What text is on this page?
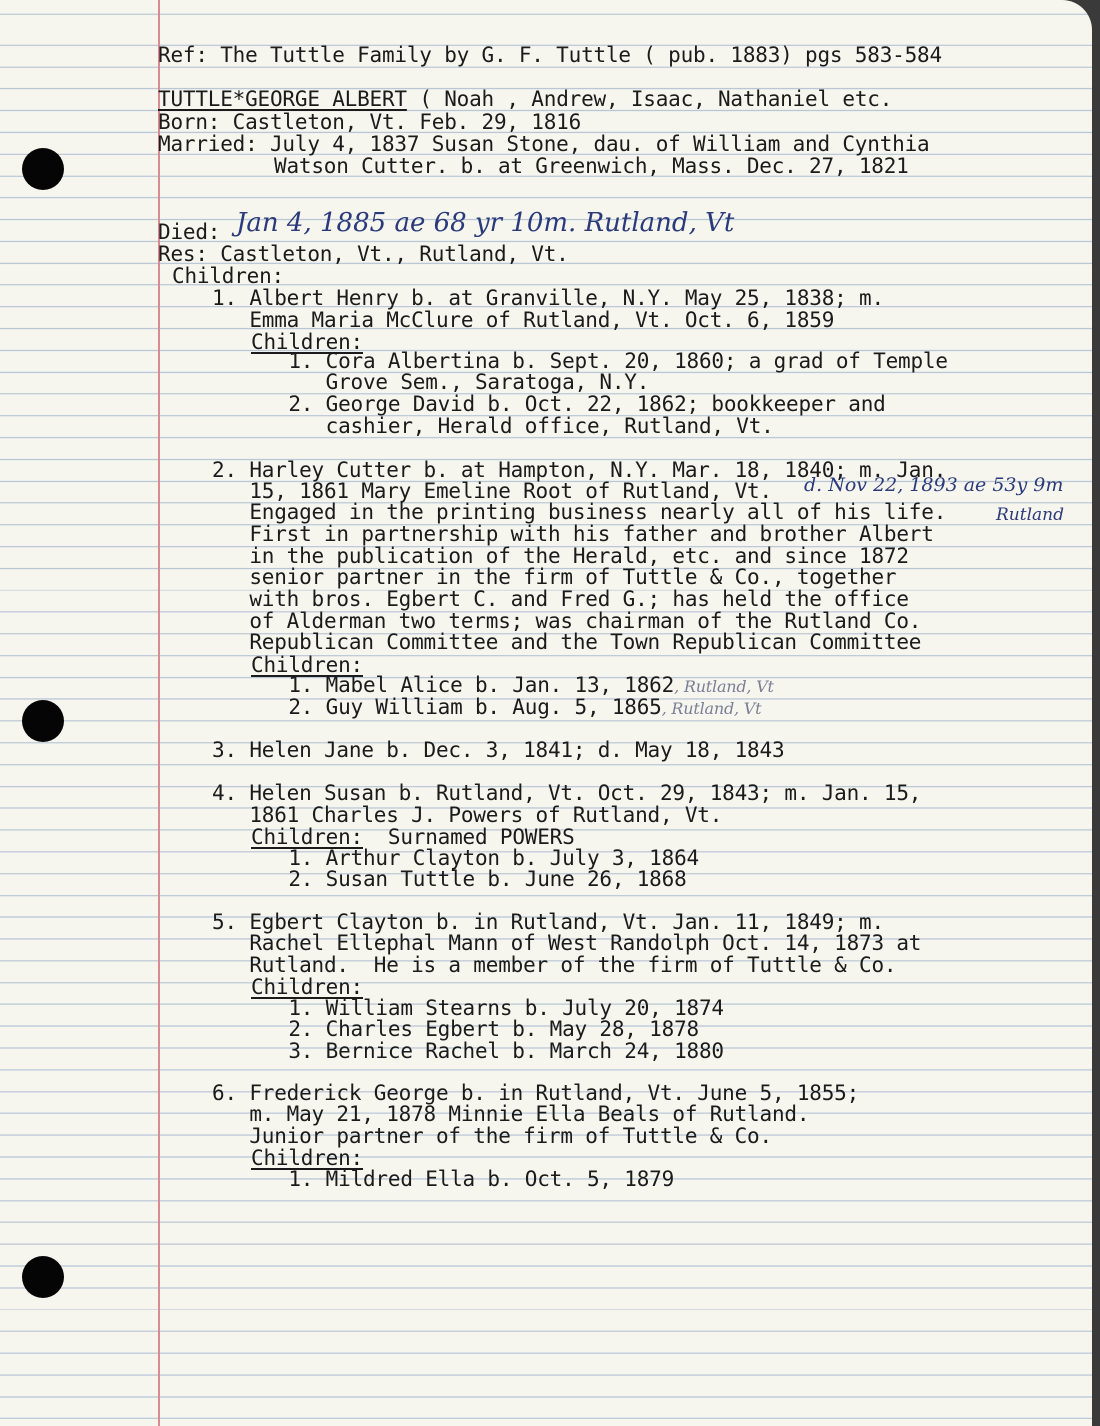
Ref: The Tuttle Family by G. F. Tuttle ( pub. 1883) pgs 583-584
TUTTLE*GEORGE ALBERT ( Noah , Andrew, Isaac, Nathaniel etc.
Born: Castleton, Vt. Feb. 29, 1816
Married: July 4, 1837 Susan Stone, dau. of William and Cynthia
Watson Cutter. b. at Greenwich, Mass. Dec. 27, 1821
Died: Jan 4, 1885 ae 68 yr 10m. Rutland, Vt
Res: Castleton, Vt., Rutland, Vt.
Children:
1. Albert Henry b. at Granville, N.Y. May 25, 1838; m.
Emma Maria McClure of Rutland, Vt. Oct. 6, 1859
Children:
1. Cora Albertina b. Sept. 20, 1860; a grad of Temple
Grove Sem., Saratoga, N.Y.
2. George David b. Oct. 22, 1862; bookkeeper and
cashier, Herald office, Rutland, Vt.
2. Harley Cutter b. at Hampton, N.Y. Mar. 18, 1840; m. Jan.
15, 1861 Mary Emeline Root of Rutland, Vt. d. Nov 22, 1893 ae 53y 9m
Rutland
Engaged in the printing business nearly all of his life.
First in partnership with his father and brother Albert
in the publication of the Herald, etc. and since 1872
senior partner in the firm of Tuttle & Co., together
with bros. Egbert C. and Fred G.; has held the office
of Alderman two terms; was chairman of the Rutland Co.
Republican Committee and the Town Republican Committee
Children:
1. Mabel Alice b. Jan. 13, 1862, Rutland, Vt
2. Guy William b. Aug. 5, 1865, Rutland, Vt
3. Helen Jane b. Dec. 3, 1841; d. May 18, 1843
4. Helen Susan b. Rutland, Vt. Oct. 29, 1843; m. Jan. 15,
1861 Charles J. Powers of Rutland, Vt.
Children:  Surnamed POWERS
1. Arthur Clayton b. July 3, 1864
2. Susan Tuttle b. June 26, 1868
5. Egbert Clayton b. in Rutland, Vt. Jan. 11, 1849; m.
Rachel Ellephal Mann of West Randolph Oct. 14, 1873 at
Rutland.  He is a member of the firm of Tuttle & Co.
Children:
1. William Stearns b. July 20, 1874
2. Charles Egbert b. May 28, 1878
3. Bernice Rachel b. March 24, 1880
6. Frederick George b. in Rutland, Vt. June 5, 1855;
m. May 21, 1878 Minnie Ella Beals of Rutland.
Junior partner of the firm of Tuttle & Co.
Children:
1. Mildred Ella b. Oct. 5, 1879
